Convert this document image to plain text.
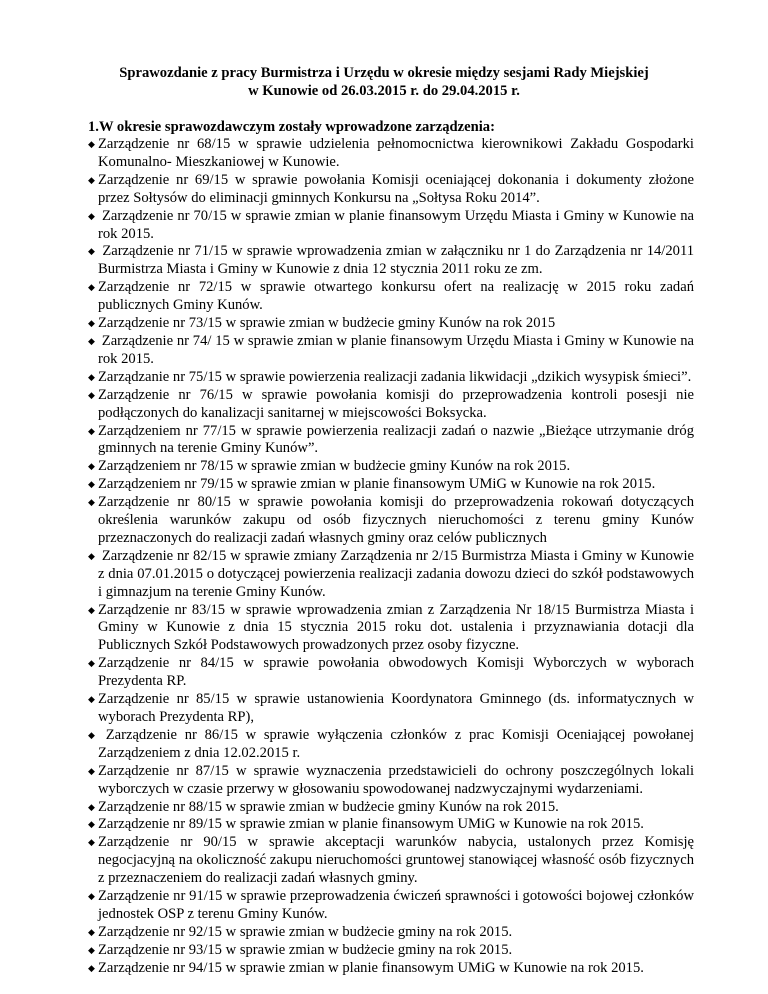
Sprawozdanie z pracy Burmistrza i Urzędu w okresie między sesjami Rady Miejskiej
w Kunowie od 26.03.2015 r. do 29.04.2015 r.
1.W okresie sprawozdawczym zostały wprowadzone zarządzenia:
◆ Zarządzenie nr 68/15 w sprawie udzielenia pełnomocnictwa kierownikowi Zakładu Gospodarki Komunalno- Mieszkaniowej w Kunowie.
◆ Zarządzenie nr 69/15 w sprawie powołania Komisji oceniającej dokonania i dokumenty złożone przez Sołtysów do eliminacji gminnych Konkursu na „Sołtysa Roku 2014”.
◆ Zarządzenie nr 70/15 w sprawie zmian w planie finansowym Urzędu Miasta i Gminy w Kunowie na rok 2015.
◆ Zarządzenie nr 71/15 w sprawie wprowadzenia zmian w załączniku nr 1 do Zarządzenia nr 14/2011 Burmistrza Miasta i Gminy w Kunowie z dnia 12 stycznia 2011 roku ze zm.
◆ Zarządzenie nr 72/15 w sprawie otwartego konkursu ofert na realizację w 2015 roku zadań publicznych Gminy Kunów.
◆ Zarządzenie nr 73/15 w sprawie zmian w budżecie gminy Kunów na rok 2015
◆ Zarządzenie nr 74/ 15 w sprawie zmian w planie finansowym Urzędu Miasta i Gminy w Kunowie na rok 2015.
◆ Zarządzanie nr 75/15 w sprawie powierzenia realizacji zadania likwidacji „dzikich wysypisk śmieci”.
◆ Zarządzenie nr 76/15 w sprawie powołania komisji do przeprowadzenia kontroli posesji nie podłączonych do kanalizacji sanitarnej w miejscowości Boksycka.
◆ Zarządzeniem nr 77/15 w sprawie powierzenia realizacji zadań o nazwie „Bieżące utrzymanie dróg gminnych na terenie Gminy Kunów”.
◆ Zarządzeniem nr 78/15 w sprawie zmian w budżecie gminy Kunów na rok 2015.
◆ Zarządzeniem nr 79/15 w sprawie zmian w planie finansowym UMiG w Kunowie na rok 2015.
◆ Zarządzenie nr 80/15 w sprawie powołania komisji do przeprowadzenia rokowań dotyczących określenia warunków zakupu od osób fizycznych nieruchomości z terenu gminy Kunów przeznaczonych do realizacji zadań własnych gminy oraz celów publicznych
◆ Zarządzenie nr 82/15 w sprawie zmiany Zarządzenia nr 2/15 Burmistrza Miasta i Gminy w Kunowie z dnia 07.01.2015 o dotyczącej powierzenia realizacji zadania dowozu dzieci do szkół podstawowych i gimnazjum na terenie Gminy Kunów.
◆ Zarządzenie nr 83/15 w sprawie wprowadzenia zmian z Zarządzenia Nr 18/15 Burmistrza Miasta i Gminy w Kunowie z dnia 15 stycznia 2015 roku dot. ustalenia i przyznawiania dotacji dla Publicznych Szkół Podstawowych prowadzonych przez osoby fizyczne.
◆ Zarządzenie nr 84/15 w sprawie powołania obwodowych Komisji Wyborczych w wyborach Prezydenta RP.
◆ Zarządzenie nr 85/15 w sprawie ustanowienia Koordynatora Gminnego (ds. informatycznych w wyborach Prezydenta RP),
◆ Zarządzenie nr 86/15 w sprawie wyłączenia członków z prac Komisji Oceniającej powołanej Zarządzeniem z dnia 12.02.2015 r.
◆ Zarządzenie nr 87/15 w sprawie wyznaczenia przedstawicieli do ochrony poszczególnych lokali wyborczych w czasie przerwy w głosowaniu spowodowanej nadzwyczajnymi wydarzeniami.
◆ Zarządzenie nr 88/15 w sprawie zmian w budżecie gminy Kunów na rok 2015.
◆ Zarządzenie nr 89/15 w sprawie zmian w planie finansowym UMiG w Kunowie na rok 2015.
◆ Zarządzenie nr 90/15 w sprawie akceptacji warunków nabycia, ustalonych przez Komisję negocjacyjną na okoliczność zakupu nieruchomości gruntowej stanowiącej własność osób fizycznych z przeznaczeniem do realizacji zadań własnych gminy.
◆ Zarządzenie nr 91/15 w sprawie przeprowadzenia ćwiczeń sprawności i gotowości bojowej członków jednostek OSP z terenu Gminy Kunów.
◆ Zarządzenie nr 92/15 w sprawie zmian w budżecie gminy na rok 2015.
◆ Zarządzenie nr 93/15 w sprawie zmian w budżecie gminy na rok 2015.
◆ Zarządzenie nr 94/15 w sprawie zmian w planie finansowym UMiG w Kunowie na rok 2015.
